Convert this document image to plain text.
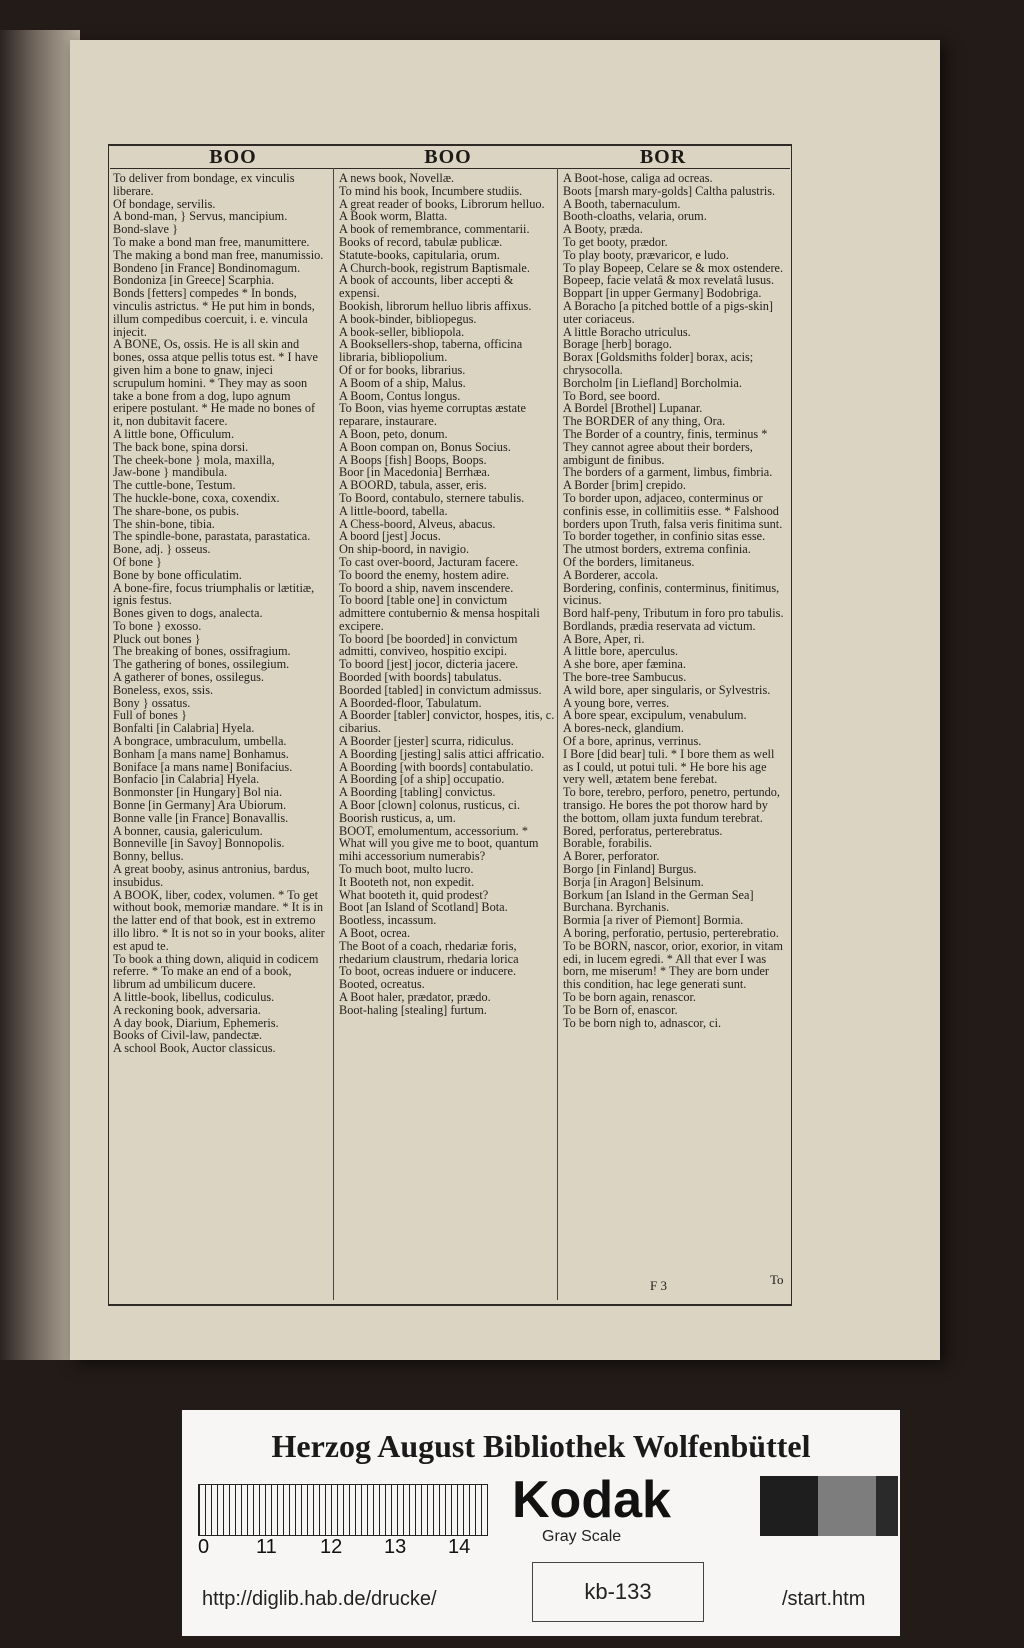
BOO	BOO	BOR

To deliver from bondage, ex vinculis liberare.

Of bondage, servilis.

A bond-man, } Servus, mancipium.

Bond-slave }

To make a bond man free, manumittere.

The making a bond man free, manumissio.

Bondeno [in France] Bondinomagum.

Bondoniza [in Greece] Scarphia.

Bonds [fetters] compedes * In bonds, vinculis astrictus. * He put him in bonds, illum compedibus coercuit, i. e. vincula injecit.

A BONE, Os, ossis. He is all skin and bones, ossa atque pellis totus est. * I have given him a bone to gnaw, injeci scrupulum homini. * They may as soon take a bone from a dog, lupo agnum eripere postulant. * He made no bones of it, non dubitavit facere.

A little bone, Officulum.

The back bone, spina dorsi.

The cheek-bone } mola, maxilla,

Jaw-bone } mandibula.

The cuttle-bone, Testum.

The huckle-bone, coxa, coxendix.

The share-bone, os pubis.

The shin-bone, tibia.

The spindle-bone, parastata, parastatica.

Bone, adj. } osseus.

Of bone }

Bone by bone officulatim.

A bone-fire, focus triumphalis or lætitiæ, ignis festus.

Bones given to dogs, analecta.

To bone } exosso.

Pluck out bones }

The breaking of bones, ossifragium.

The gathering of bones, ossilegium.

A gatherer of bones, ossilegus.

Boneless, exos, ssis.

Bony } ossatus.

Full of bones }

Bonfalti [in Calabria] Hyela.

A bongrace, umbraculum, umbella.

Bonham [a mans name] Bonhamus.

Boniface [a mans name] Bonifacius.

Bonfacio [in Calabria] Hyela.

Bonmonster [in Hungary] Bol nia.

Bonne [in Germany] Ara Ubiorum.

Bonne valle [in France] Bonavallis.

A bonner, causia, galericulum.

Bonneville [in Savoy] Bonnopolis.

Bonny, bellus.

A great booby, asinus antronius, bardus, insubidus.

A BOOK, liber, codex, volumen. * To get without book, memoriæ mandare. * It is in the latter end of that book, est in extremo illo libro. * It is not so in your books, aliter est apud te.

To book a thing down, aliquid in codicem referre. * To make an end of a book, librum ad umbilicum ducere.

A little-book, libellus, codiculus.

A reckoning book, adversaria.

A day book, Diarium, Ephemeris.

Books of Civil-law, pandectæ.

A school Book, Auctor classicus.

A news book, Novellæ.

To mind his book, Incumbere studiis.

A great reader of books, Librorum helluo.

A Book worm, Blatta.

A book of remembrance, commentarii.

Books of record, tabulæ publicæ.

Statute-books, capitularia, orum.

A Church-book, registrum Baptismale.

A book of accounts, liber accepti & expensi.

Bookish, librorum helluo libris affixus.

A book-binder, bibliopegus.

A book-seller, bibliopola.

A Booksellers-shop, taberna, officina libraria, bibliopolium.

Of or for books, librarius.

A Boom of a ship, Malus.

A Boom, Contus longus.

To Boon, vias hyeme corruptas æstate reparare, instaurare.

A Boon, peto, donum.

A Boon compan on, Bonus Socius.

A Boops [fish] Boops, Boops.

Boor [in Macedonia] Berrhæa.

A BOORD, tabula, asser, eris.

To Boord, contabulo, sternere tabulis.

A little-boord, tabella.

A Chess-boord, Alveus, abacus.

A boord [jest] Jocus.

On ship-boord, in navigio.

To cast over-boord, Jacturam facere.

To boord the enemy, hostem adire.

To boord a ship, navem inscendere.

To boord [table one] in convictum admittere contubernio & mensa hospitali excipere.

To boord [be boorded] in convictum admitti, conviveo, hospitio excipi.

To boord [jest] jocor, dicteria jacere.

Boorded [with boords] tabulatus.

Boorded [tabled] in convictum admissus.

A Boorded-floor, Tabulatum.

A Boorder [tabler] convictor, hospes, itis, c. cibarius.

A Boorder [jester] scurra, ridiculus.

A Boording [jesting] salis attici affricatio.

A Boording [with boords] contabulatio.

A Boording [of a ship] occupatio.

A Boording [tabling] convictus.

A Boor [clown] colonus, rusticus, ci.

Boorish rusticus, a, um.

BOOT, emolumentum, accessorium. * What will you give me to boot, quantum mihi accessorium numerabis?

To much boot, multo lucro.

It Booteth not, non expedit.

What booteth it, quid prodest?

Boot [an Island of Scotland] Bota.

Bootless, incassum.

A Boot, ocrea.

The Boot of a coach, rhedariæ foris, rhedarium claustrum, rhedaria lorica

To boot, ocreas induere or inducere.

Booted, ocreatus.

A Boot haler, prædator, prædo.

Boot-haling [stealing] furtum.

A Boot-hose, caliga ad ocreas.

Boots [marsh mary-golds] Caltha palustris.

A Booth, tabernaculum.

Booth-cloaths, velaria, orum.

A Booty, præda.

To get booty, prædor.

To play booty, prævaricor, e ludo.

To play Bopeep, Celare se & mox ostendere.

Bopeep, facie velatâ & mox revelatâ lusus.

Boppart [in upper Germany] Bodobriga.

A Boracho [a pitched bottle of a pigs-skin] uter coriaceus.

A little Boracho utriculus.

Borage [herb] borago.

Borax [Goldsmiths folder] borax, acis; chrysocolla.

Borcholm [in Liefland] Borcholmia.

To Bord, see boord.

A Bordel [Brothel] Lupanar.

The BORDER of any thing, Ora.

The Border of a country, finis, terminus * They cannot agree about their borders, ambigunt de finibus.

The borders of a garment, limbus, fimbria.

A Border [brim] crepido.

To border upon, adjaceo, conterminus or confinis esse, in collimitiis esse. * Falshood borders upon Truth, falsa veris finitima sunt.

To border together, in confinio sitas esse.

The utmost borders, extrema confinia.

Of the borders, limitaneus.

A Borderer, accola.

Bordering, confinis, conterminus, finitimus, vicinus.

Bord half-peny, Tributum in foro pro tabulis.

Bordlands, prædia reservata ad victum.

A Bore, Aper, ri.

A little bore, aperculus.

A she bore, aper fæmina.

The bore-tree Sambucus.

A wild bore, aper singularis, or Sylvestris.

A young bore, verres.

A bore spear, excipulum, venabulum.

A bores-neck, glandium.

Of a bore, aprinus, verrinus.

I Bore [did bear] tuli. * I bore them as well as I could, ut potui tuli. * He bore his age very well, ætatem bene ferebat.

To bore, terebro, perforo, penetro, pertundo, transigo. He bores the pot thorow hard by the bottom, ollam juxta fundum terebrat.

Bored, perforatus, perterebratus.

Borable, forabilis.

A Borer, perforator.

Borgo [in Finland] Burgus.

Borja [in Aragon] Belsinum.

Borkum [an Island in the German Sea] Burchana. Byrchanis.

Bormia [a river of Piemont] Bormia.

A boring, perforatio, pertusio, perterebratio.

To be BORN, nascor, orior, exorior, in vitam edi, in lucem egredi. * All that ever I was born, me miserum! * They are born under this condition, hac lege generati sunt.

To be born again, renascor.

To be Born of, enascor.

To be born nigh to, adnascor, ci.

F 3	To
Herzog August Bibliothek Wolfenbüttel
0 11 12 13 14
Kodak
Gray Scale
http://diglib.hab.de/drucke/	kb-133	/start.htm
